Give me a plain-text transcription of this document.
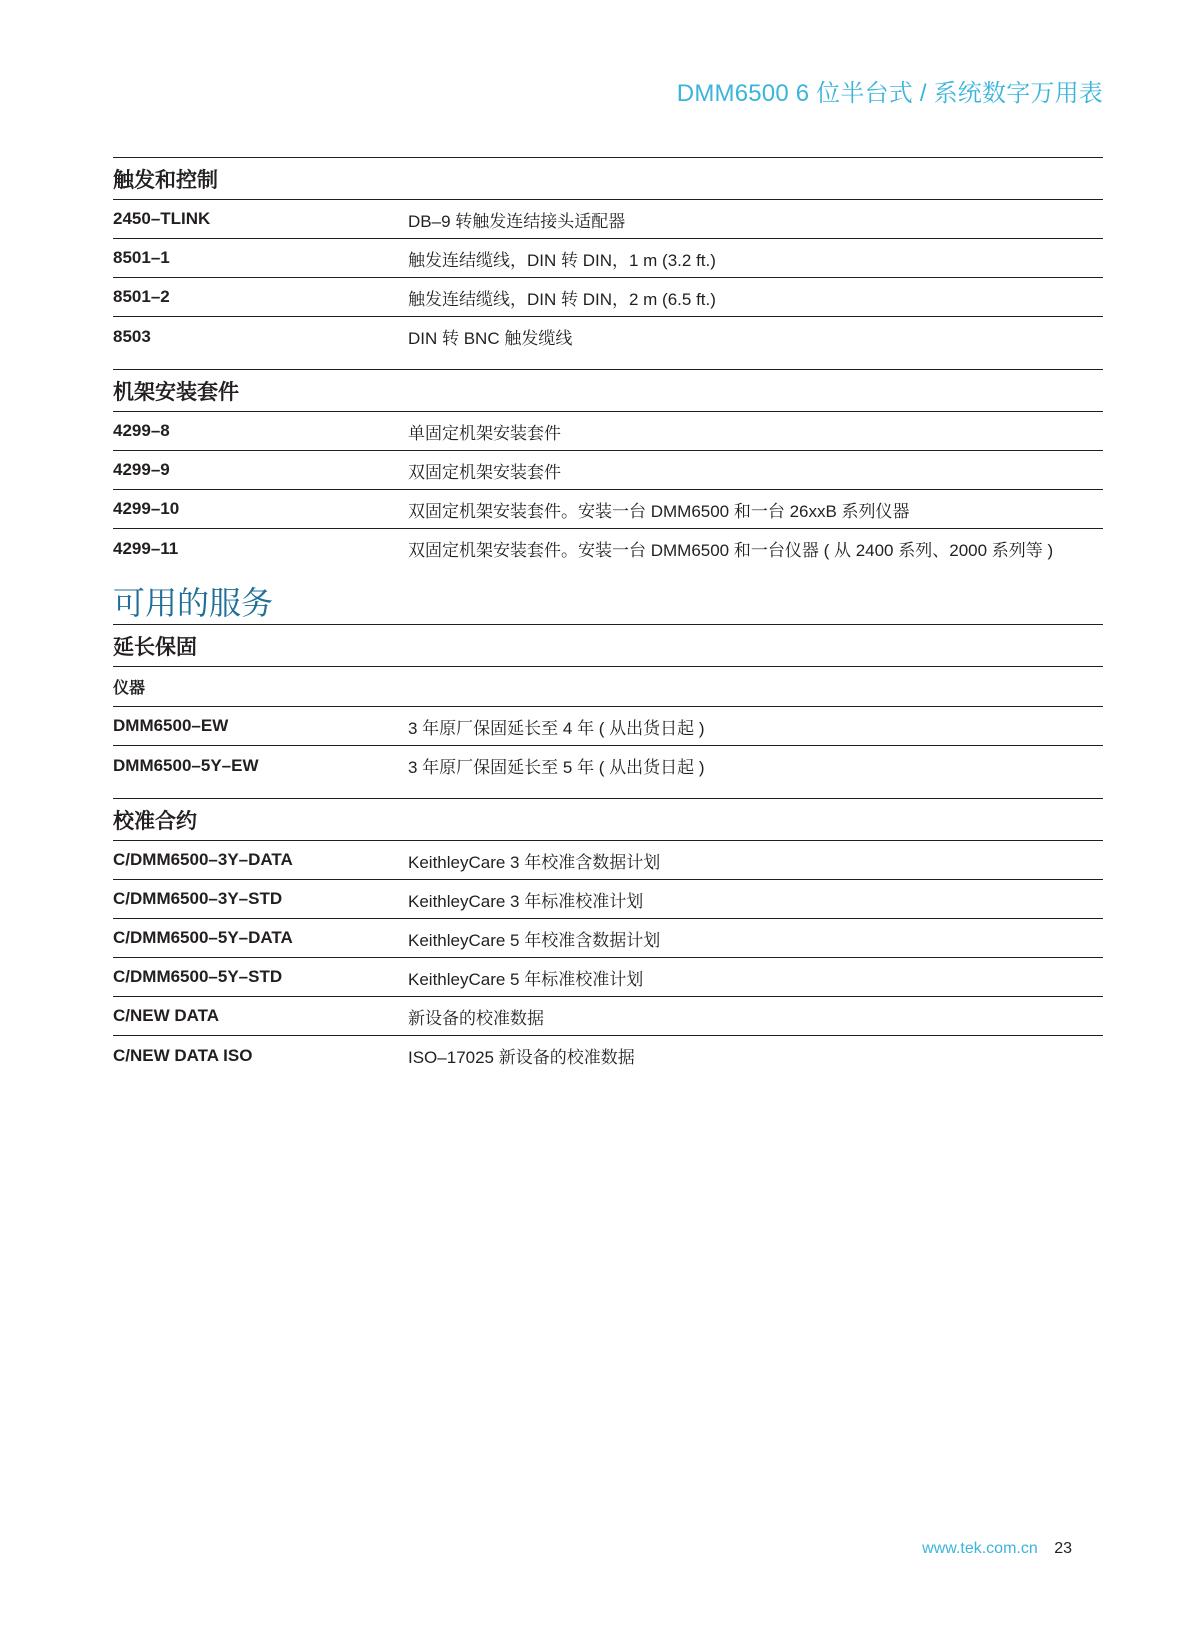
DMM6500 6 位半台式 / 系统数字万用表
触发和控制
2450–TLINK	DB–9 转触发连结接头适配器
8501–1	触发连结缆线，DIN 转 DIN，1 m (3.2 ft.)
8501–2	触发连结缆线，DIN 转 DIN，2 m (6.5 ft.)
8503	DIN 转 BNC 触发缆线
机架安装套件
4299–8	单固定机架安装套件
4299–9	双固定机架安装套件
4299–10	双固定机架安装套件。安装一台 DMM6500 和一台 26xxB 系列仪器
4299–11	双固定机架安装套件。安装一台 DMM6500 和一台仪器 ( 从 2400 系列、2000 系列等 )
可用的服务
延长保固
仪器
DMM6500–EW	3 年原厂保固延长至 4 年 ( 从出货日起 )
DMM6500–5Y–EW	3 年原厂保固延长至 5 年 ( 从出货日起 )
校准合约
C/DMM6500–3Y–DATA	KeithleyCare 3 年校准含数据计划
C/DMM6500–3Y–STD	KeithleyCare 3 年标准校准计划
C/DMM6500–5Y–DATA	KeithleyCare 5 年校准含数据计划
C/DMM6500–5Y–STD	KeithleyCare 5 年标准校准计划
C/NEW DATA	新设备的校准数据
C/NEW DATA ISO	ISO–17025 新设备的校准数据
www.tek.com.cn 23
